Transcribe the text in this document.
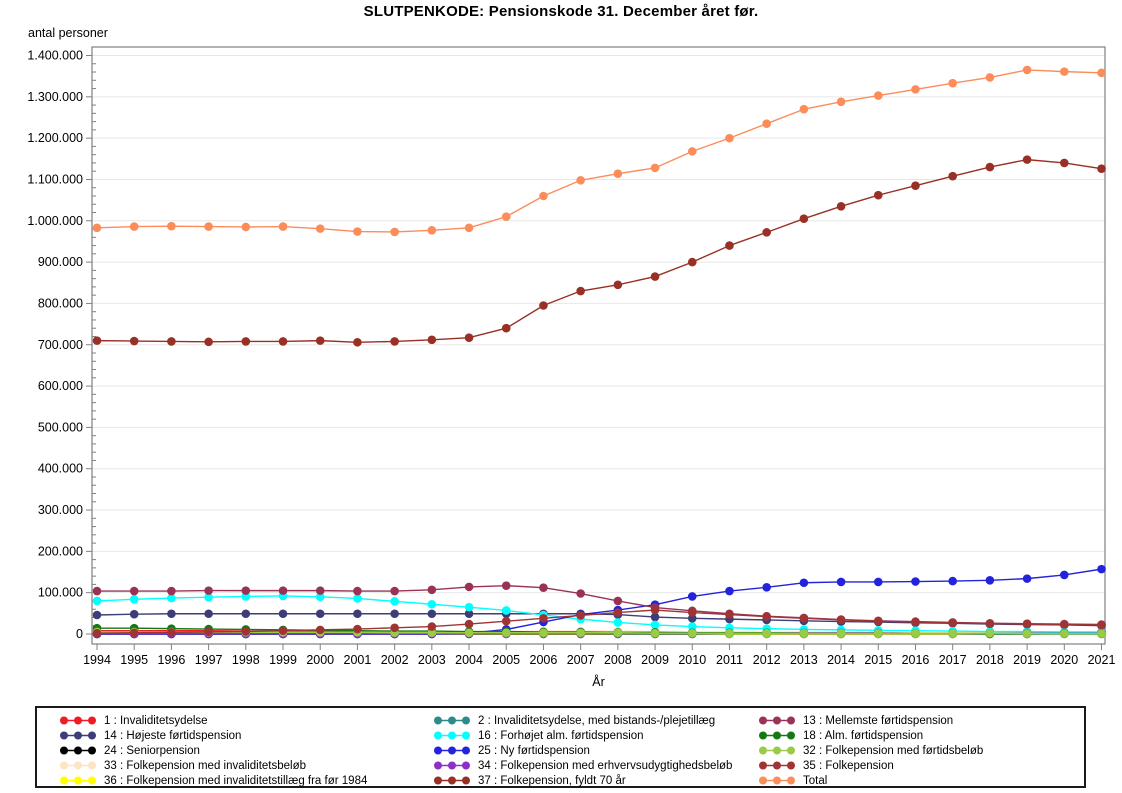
SLUTPENKODE: Pensionskode 31. December året før.
0
100.000
200.000
300.000
400.000
500.000
600.000
700.000
800.000
900.000
1.000.000
1.100.000
1.200.000
1.300.000
1.400.000
1994 1995 1996 1997 1998 1999 2000 2001 2002 2003 2004 2005 2006 2007 2008 2009 2010 2011 2012 2013 2014 2015 2016 2017 2018 2019 2020 2021
antal personer
År
1 : Invaliditetsydelse
14 : Højeste førtidspension
24 : Seniorpension
33 : Folkepension med invaliditetsbeløb
36 : Folkepension med invaliditetstillæg fra før 1984
2 : Invaliditetsydelse, med bistands-/plejetillæg
16 : Forhøjet alm. førtidspension
25 : Ny førtidspension
34 : Folkepension med erhvervsudygtighedsbeløb
37 : Folkepension, fyldt 70 år
13 : Mellemste førtidspension
18 : Alm. førtidspension
32 : Folkepension med førtidsbeløb
35 : Folkepension
Total
